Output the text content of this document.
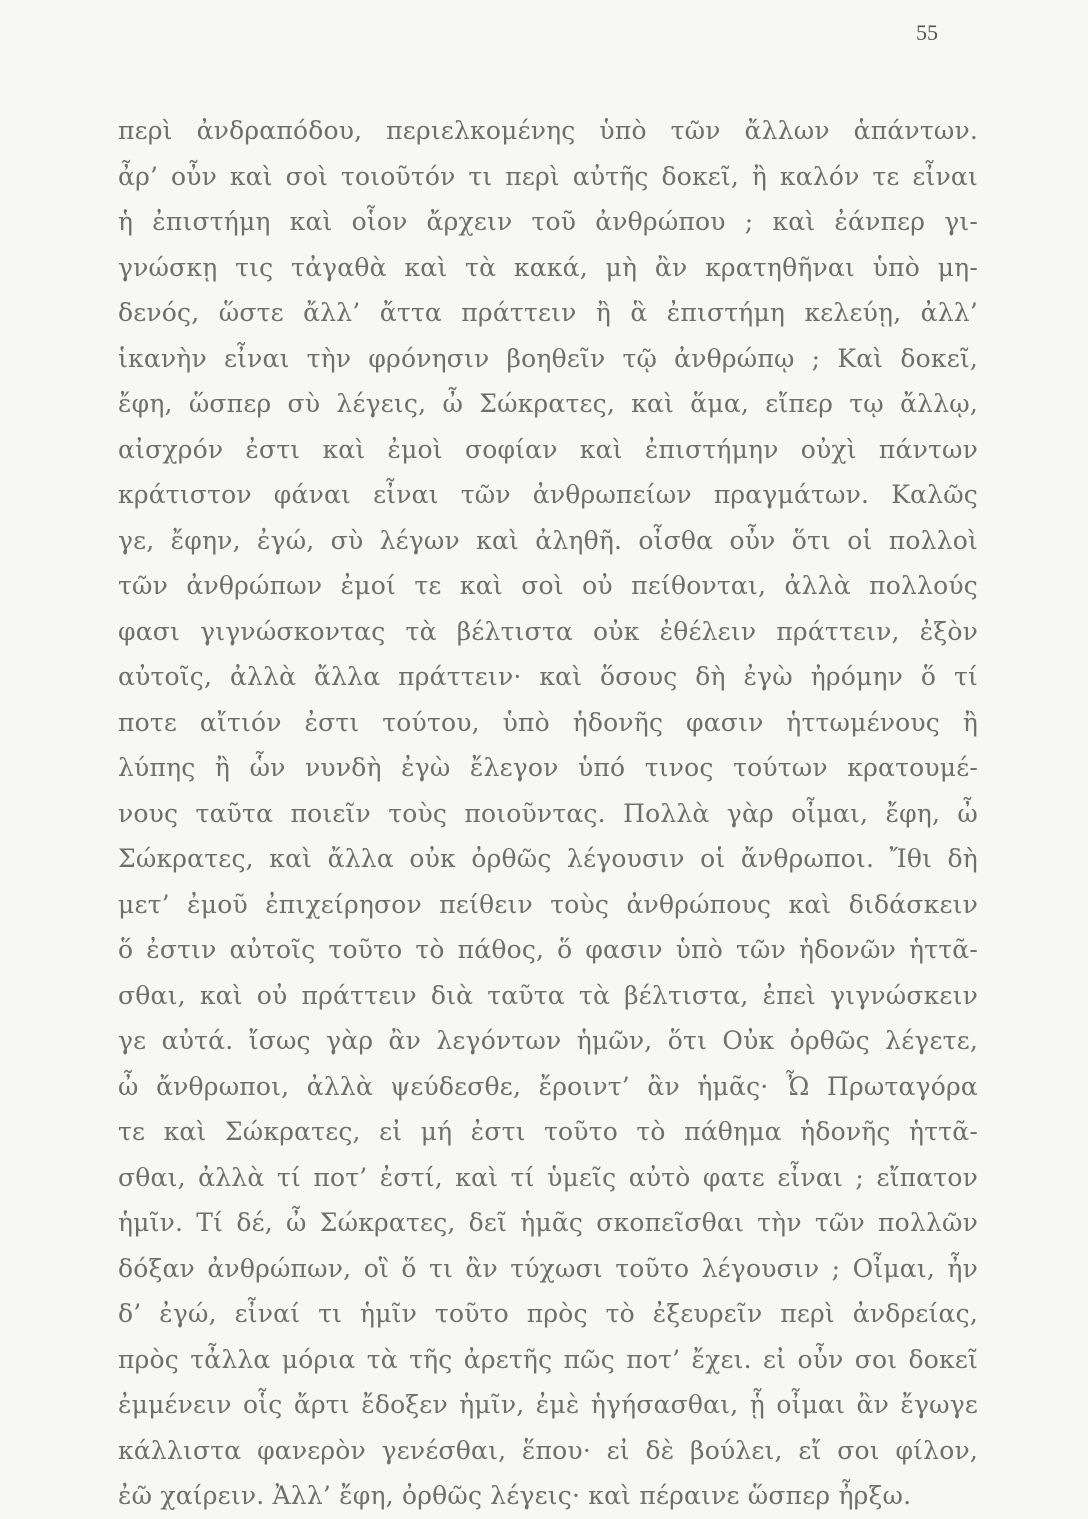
55
περὶ ἀνδραπόδου, περιελκομένης ὑπὸ τῶν ἄλλων ἁπάντων.
ἆρ’ οὖν καὶ σοὶ τοιοῦτόν τι περὶ αὐτῆς δοκεῖ, ἢ καλόν τε εἶναι
ἡ ἐπιστήμη καὶ οἷον ἄρχειν τοῦ ἀνθρώπου ; καὶ ἐάνπερ γι-
γνώσκῃ τις τἀγαθὰ καὶ τὰ κακά, μὴ ἂν κρατηθῆναι ὑπὸ μη-
δενός, ὥστε ἄλλ’ ἄττα πράττειν ἢ ἃ ἐπιστήμη κελεύῃ, ἀλλ’
ἱκανὴν εἶναι τὴν φρόνησιν βοηθεῖν τῷ ἀνθρώπῳ ; Καὶ δοκεῖ,
ἔφη, ὥσπερ σὺ λέγεις, ὦ Σώκρατες, καὶ ἅμα, εἴπερ τῳ ἄλλῳ,
αἰσχρόν ἐστι καὶ ἐμοὶ σοφίαν καὶ ἐπιστήμην οὐχὶ πάντων
κράτιστον φάναι εἶναι τῶν ἀνθρωπείων πραγμάτων. Καλῶς
γε, ἔφην, ἐγώ, σὺ λέγων καὶ ἀληθῆ. οἶσθα οὖν ὅτι οἱ πολλοὶ
τῶν ἀνθρώπων ἐμοί τε καὶ σοὶ οὐ πείθονται, ἀλλὰ πολλούς
φασι γιγνώσκοντας τὰ βέλτιστα οὐκ ἐθέλειν πράττειν, ἐξὸν
αὐτοῖς, ἀλλὰ ἄλλα πράττειν· καὶ ὅσους δὴ ἐγὼ ἠρόμην ὅ τί
ποτε αἴτιόν ἐστι τούτου, ὑπὸ ἡδονῆς φασιν ἡττωμένους ἢ
λύπης ἢ ὧν νυνδὴ ἐγὼ ἔλεγον ὑπό τινος τούτων κρατουμέ-
νους ταῦτα ποιεῖν τοὺς ποιοῦντας. Πολλὰ γὰρ οἶμαι, ἔφη, ὦ
Σώκρατες, καὶ ἄλλα οὐκ ὀρθῶς λέγουσιν οἱ ἄνθρωποι. Ἴθι δὴ
μετ’ ἐμοῦ ἐπιχείρησον πείθειν τοὺς ἀνθρώπους καὶ διδάσκειν
ὅ ἐστιν αὐτοῖς τοῦτο τὸ πάθος, ὅ φασιν ὑπὸ τῶν ἡδονῶν ἡττᾶ-
σθαι, καὶ οὐ πράττειν διὰ ταῦτα τὰ βέλτιστα, ἐπεὶ γιγνώσκειν
γε αὐτά. ἴσως γὰρ ἂν λεγόντων ἡμῶν, ὅτι Οὐκ ὀρθῶς λέγετε,
ὦ ἄνθρωποι, ἀλλὰ ψεύδεσθε, ἔροιντ’ ἂν ἡμᾶς· Ὦ Πρωταγόρα
τε καὶ Σώκρατες, εἰ μή ἐστι τοῦτο τὸ πάθημα ἡδονῆς ἡττᾶ-
σθαι, ἀλλὰ τί ποτ’ ἐστί, καὶ τί ὑμεῖς αὐτὸ φατε εἶναι ; εἴπατον
ἡμῖν. Τί δέ, ὦ Σώκρατες, δεῖ ἡμᾶς σκοπεῖσθαι τὴν τῶν πολλῶν
δόξαν ἀνθρώπων, οἳ ὅ τι ἂν τύχωσι τοῦτο λέγουσιν ; Οἶμαι, ἦν
δ’ ἐγώ, εἶναί τι ἡμῖν τοῦτο πρὸς τὸ ἐξευρεῖν περὶ ἀνδρείας,
πρὸς τἆλλα μόρια τὰ τῆς ἀρετῆς πῶς ποτ’ ἔχει. εἰ οὖν σοι δοκεῖ
ἐμμένειν οἷς ἄρτι ἔδοξεν ἡμῖν, ἐμὲ ἡγήσασθαι, ᾗ οἶμαι ἂν ἔγωγε
κάλλιστα φανερὸν γενέσθαι, ἕπου· εἰ δὲ βούλει, εἴ σοι φίλον,
ἐῶ χαίρειν. Ἀλλ’ ἔφη, ὀρθῶς λέγεις· καὶ πέραινε ὥσπερ ἦρξω.
